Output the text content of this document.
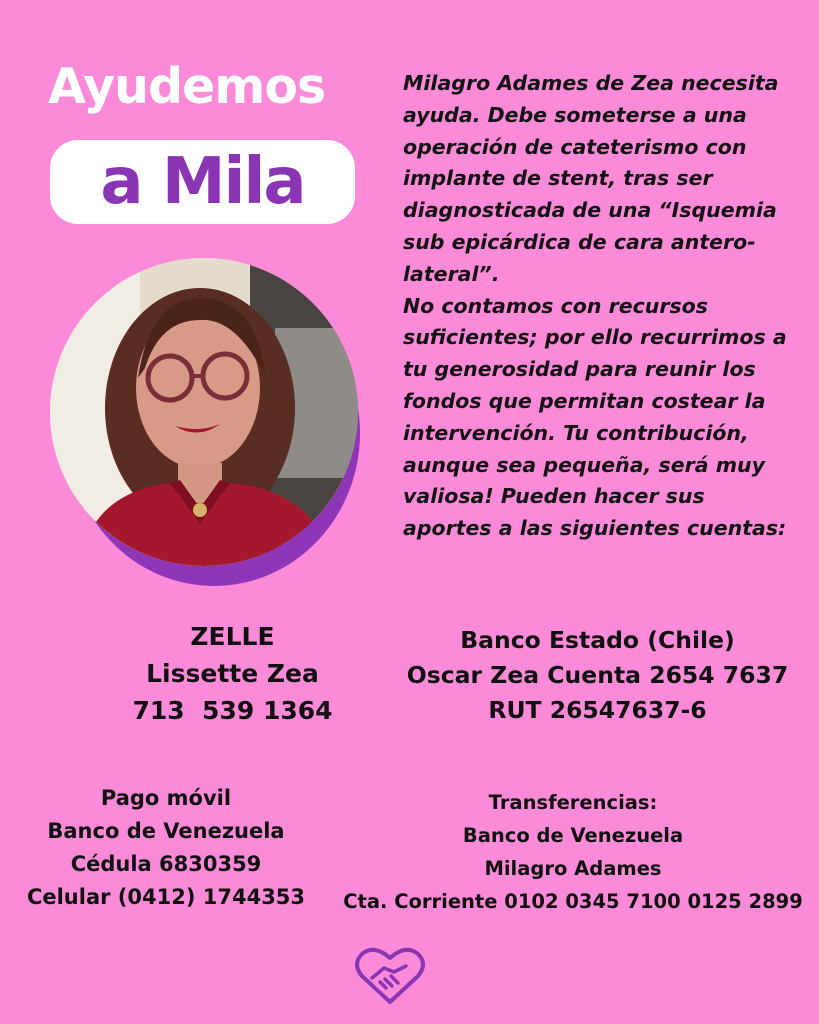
Ayudemos
a Mila

Milagro Adames de Zea necesita

ayuda. Debe someterse a una

operación de cateterismo con

implante de stent, tras ser

diagnosticada de una “Isquemia

sub epicárdica de cara antero-

lateral”.

No contamos con recursos

suficientes; por ello recurrimos a

tu generosidad para reunir los

fondos que permitan costear la

intervención. Tu contribución,

aunque sea pequeña, será muy

valiosa! Pueden hacer sus

aportes a las siguientes cuentas:

ZELLE
Lissette Zea
713  539 1364
Banco Estado (Chile)
Oscar Zea Cuenta 2654 7637
RUT 26547637-6
Pago móvil
Banco de Venezuela
Cédula 6830359
Celular (0412) 1744353
Transferencias:
Banco de Venezuela
Milagro Adames
Cta. Corriente 0102 0345 7100 0125 2899
